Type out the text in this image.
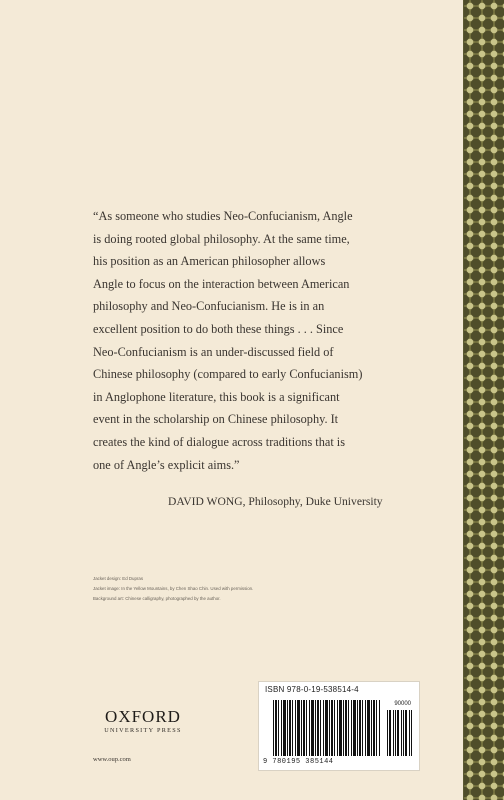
“As someone who studies Neo-Confucianism, Angle

is doing rooted global philosophy. At the same time,

his position as an American philosopher allows

Angle to focus on the interaction between American

philosophy and Neo-Confucianism. He is in an

excellent position to do both these things . . . Since

Neo-Confucianism is an under-discussed field of

Chinese philosophy (compared to early Confucianism)

in Anglophone literature, this book is a significant

event in the scholarship on Chinese philosophy. It

creates the kind of dialogue across traditions that is

one of Angle’s explicit aims.”

DAVID WONG, Philosophy, Duke University
Jacket design: Ed Dupras
Jacket image: In the Yellow Mountains, by Chen Shao Chin. Used with permission.
Background art: Chinese calligraphy, photographed by the author.
OXFORD
UNIVERSITY PRESS
www.oup.com
ISBN 978-0-19-538514-4
90000
9 780195 385144
